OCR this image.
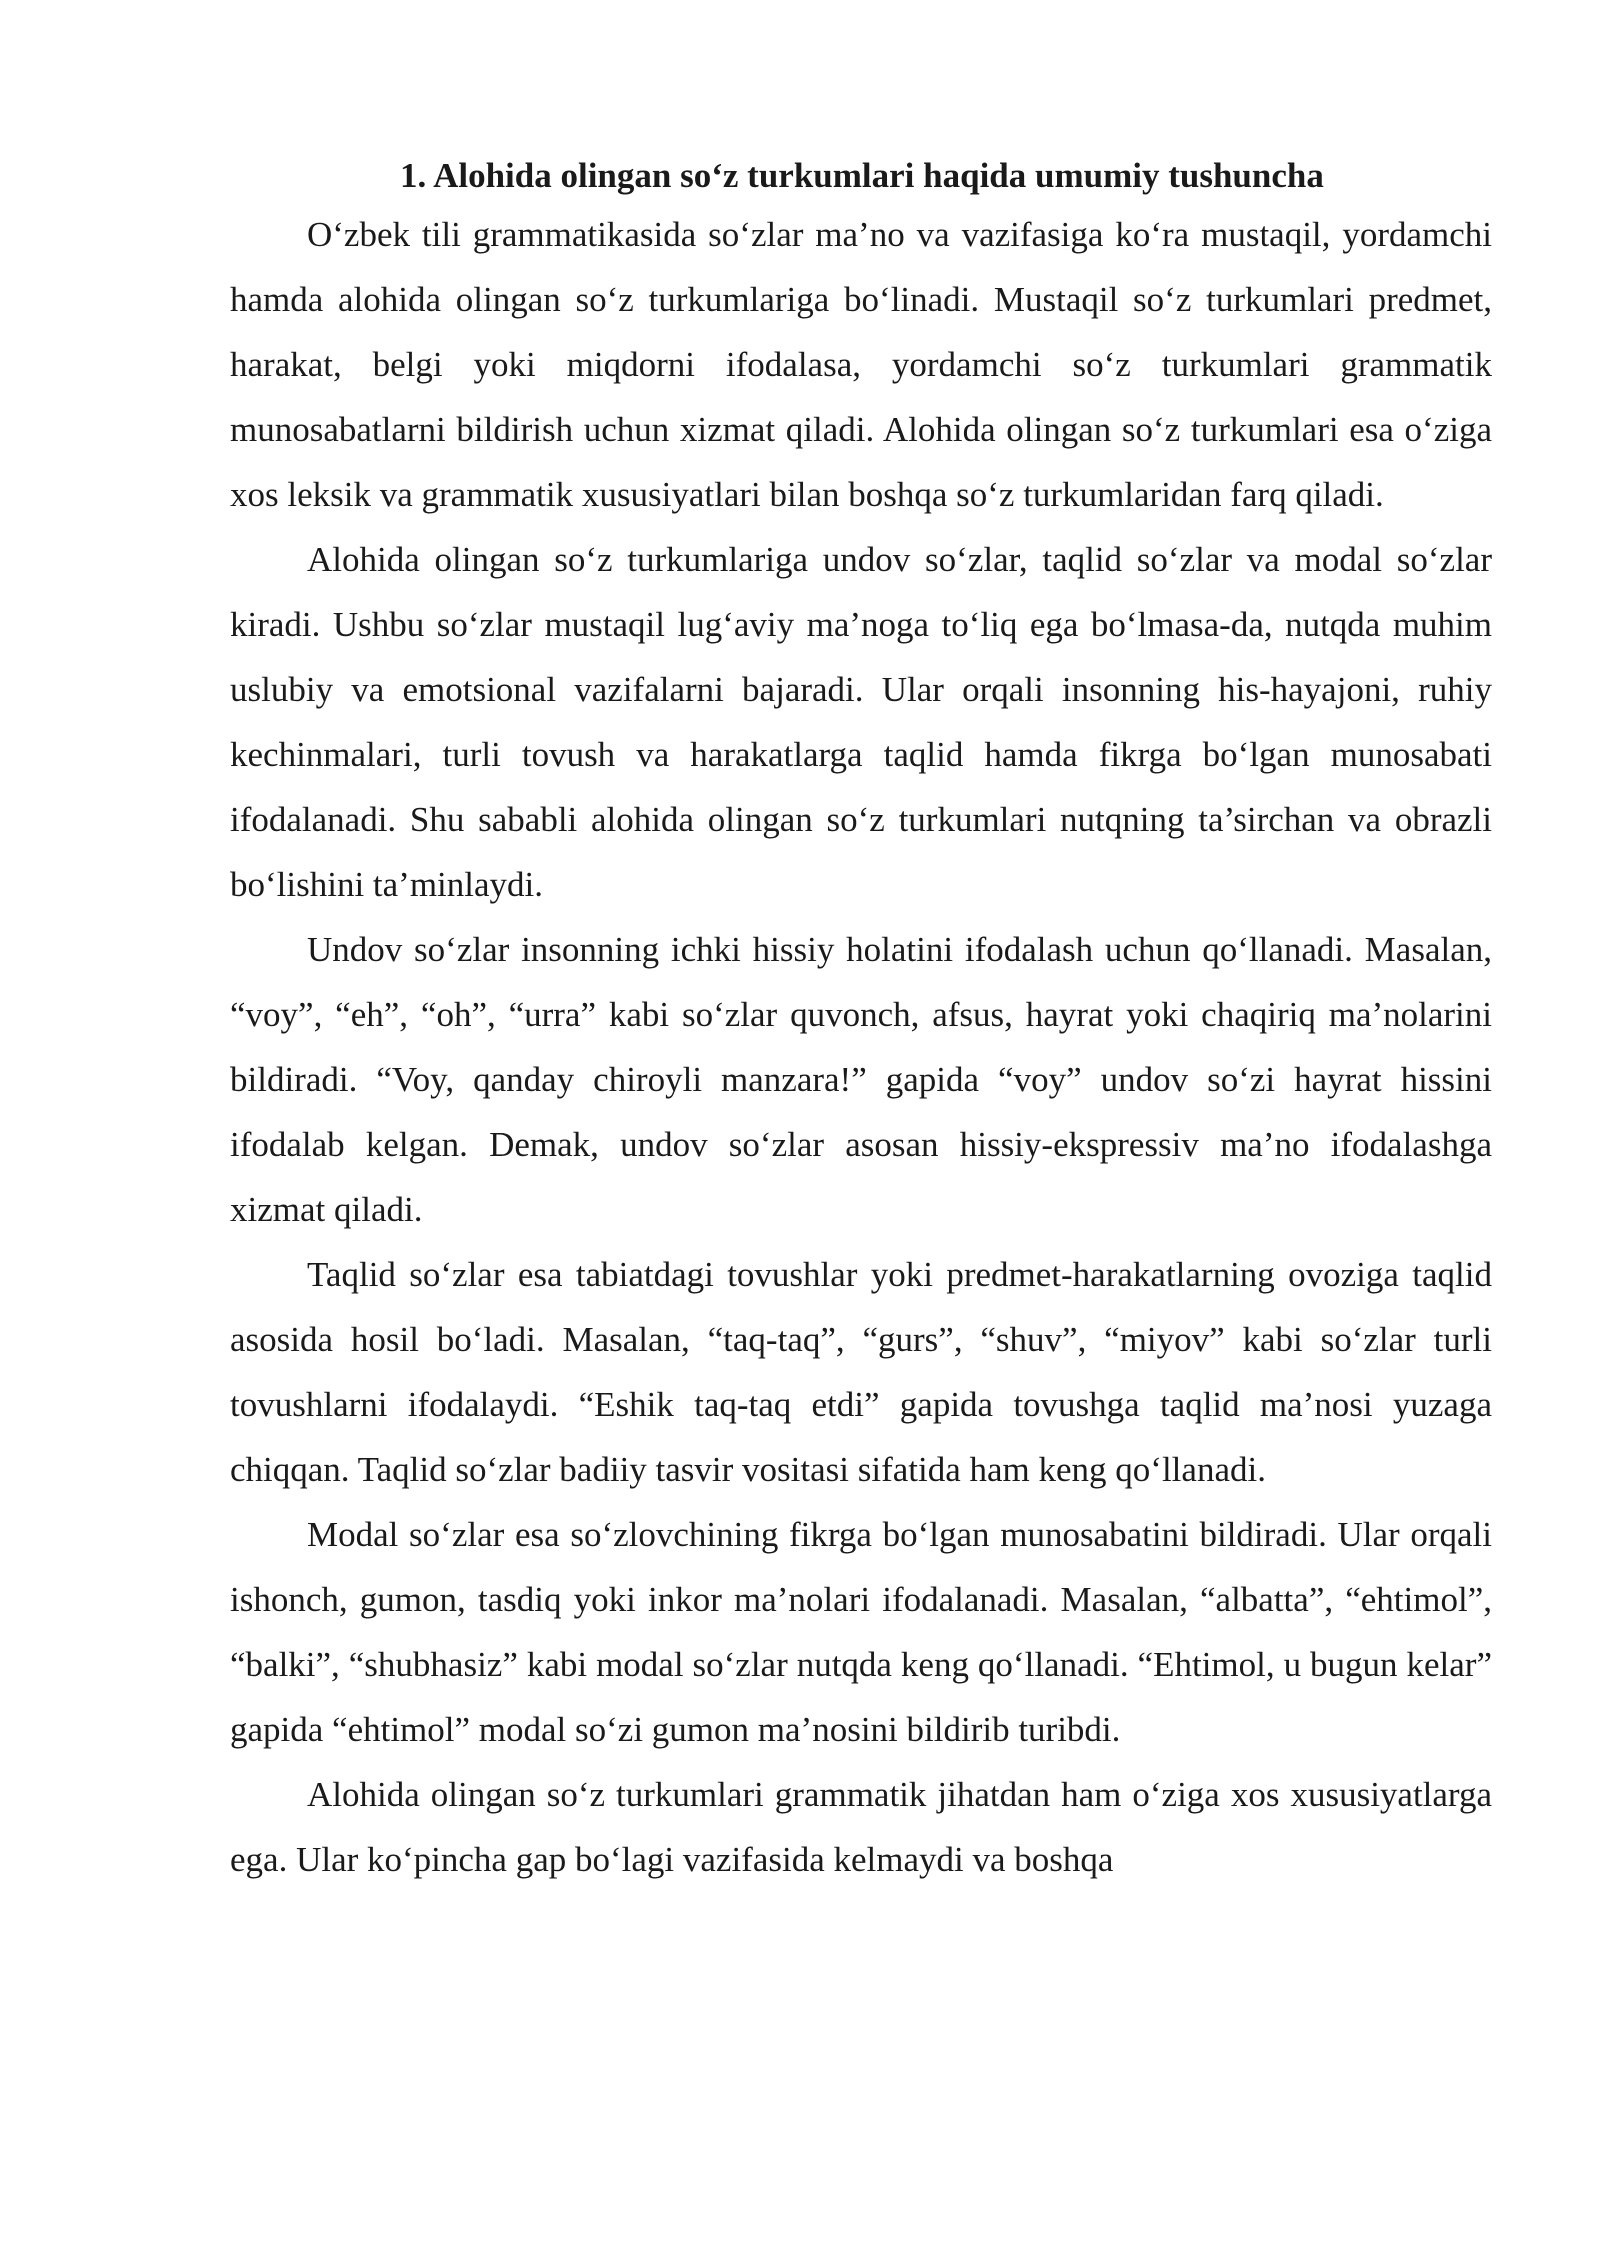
1. Alohida olingan so‘z turkumlari haqida umumiy tushuncha

O‘zbek tili grammatikasida so‘zlar ma’no va vazifasiga ko‘ra mustaqil, yordamchi hamda alohida olingan so‘z turkumlariga bo‘linadi. Mustaqil so‘z turkumlari predmet, harakat, belgi yoki miqdorni ifodalasa, yordamchi so‘z turkumlari grammatik munosabatlarni bildirish uchun xizmat qiladi. Alohida olingan so‘z turkumlari esa o‘ziga xos leksik va grammatik xususiyatlari bilan boshqa so‘z turkumlaridan farq qiladi.

Alohida olingan so‘z turkumlariga undov so‘zlar, taqlid so‘zlar va modal so‘zlar kiradi. Ushbu so‘zlar mustaqil lug‘aviy ma’noga to‘liq ega bo‘lmasa-da, nutqda muhim uslubiy va emotsional vazifalarni bajaradi. Ular orqali insonning his-hayajoni, ruhiy kechinmalari, turli tovush va harakatlarga taqlid hamda fikrga bo‘lgan munosabati ifodalanadi. Shu sababli alohida olingan so‘z turkumlari nutqning ta’sirchan va obrazli bo‘lishini ta’minlaydi.

Undov so‘zlar insonning ichki hissiy holatini ifodalash uchun qo‘llanadi. Masalan, “voy”, “eh”, “oh”, “urra” kabi so‘zlar quvonch, afsus, hayrat yoki chaqiriq ma’nolarini bildiradi. “Voy, qanday chiroyli manzara!” gapida “voy” undov so‘zi hayrat hissini ifodalab kelgan. Demak, undov so‘zlar asosan hissiy-ekspressiv ma’no ifodalashga xizmat qiladi.

Taqlid so‘zlar esa tabiatdagi tovushlar yoki predmet-harakatlarning ovoziga taqlid asosida hosil bo‘ladi. Masalan, “taq-taq”, “gurs”, “shuv”, “miyov” kabi so‘zlar turli tovushlarni ifodalaydi. “Eshik taq-taq etdi” gapida tovushga taqlid ma’nosi yuzaga chiqqan. Taqlid so‘zlar badiiy tasvir vositasi sifatida ham keng qo‘llanadi.

Modal so‘zlar esa so‘zlovchining fikrga bo‘lgan munosabatini bildiradi. Ular orqali ishonch, gumon, tasdiq yoki inkor ma’nolari ifodalanadi. Masalan, “albatta”, “ehtimol”, “balki”, “shubhasiz” kabi modal so‘zlar nutqda keng qo‘llanadi. “Ehtimol, u bugun kelar” gapida “ehtimol” modal so‘zi gumon ma’nosini bildirib turibdi.

Alohida olingan so‘z turkumlari grammatik jihatdan ham o‘ziga xos xususiyatlarga ega. Ular ko‘pincha gap bo‘lagi vazifasida kelmaydi va boshqa
